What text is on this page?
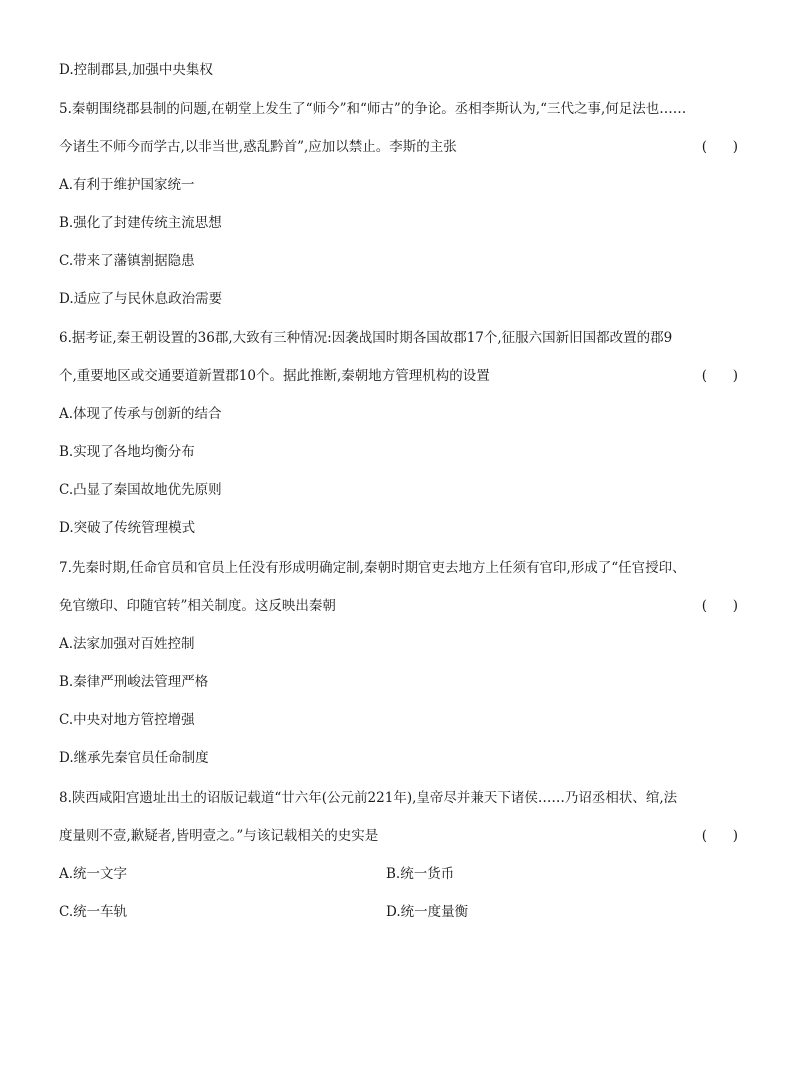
D.控制郡县,加强中央集权
5.秦朝围绕郡县制的问题,在朝堂上发生了“师今”和“师古”的争论。丞相李斯认为,“三代之事,何足法也……
今诸生不师今而学古,以非当世,惑乱黔首”,应加以禁止。李斯的主张	(      )
A.有利于维护国家统一
B.强化了封建传统主流思想
C.带来了藩镇割据隐患
D.适应了与民休息政治需要
6.据考证,秦王朝设置的36郡,大致有三种情况:因袭战国时期各国故郡17个,征服六国新旧国都改置的郡9
个,重要地区或交通要道新置郡10个。据此推断,秦朝地方管理机构的设置	(      )
A.体现了传承与创新的结合
B.实现了各地均衡分布
C.凸显了秦国故地优先原则
D.突破了传统管理模式
7.先秦时期,任命官员和官员上任没有形成明确定制,秦朝时期官吏去地方上任须有官印,形成了“任官授印、
免官缴印、印随官转”相关制度。这反映出秦朝	(      )
A.法家加强对百姓控制
B.秦律严刑峻法管理严格
C.中央对地方管控增强
D.继承先秦官员任命制度
8.陕西咸阳宫遗址出土的诏版记载道“廿六年(公元前221年),皇帝尽并兼天下诸侯……乃诏丞相状、绾,法
度量则不壹,歉疑者,皆明壹之。”与该记载相关的史实是	(      )
A.统一文字	B.统一货币
C.统一车轨	D.统一度量衡
